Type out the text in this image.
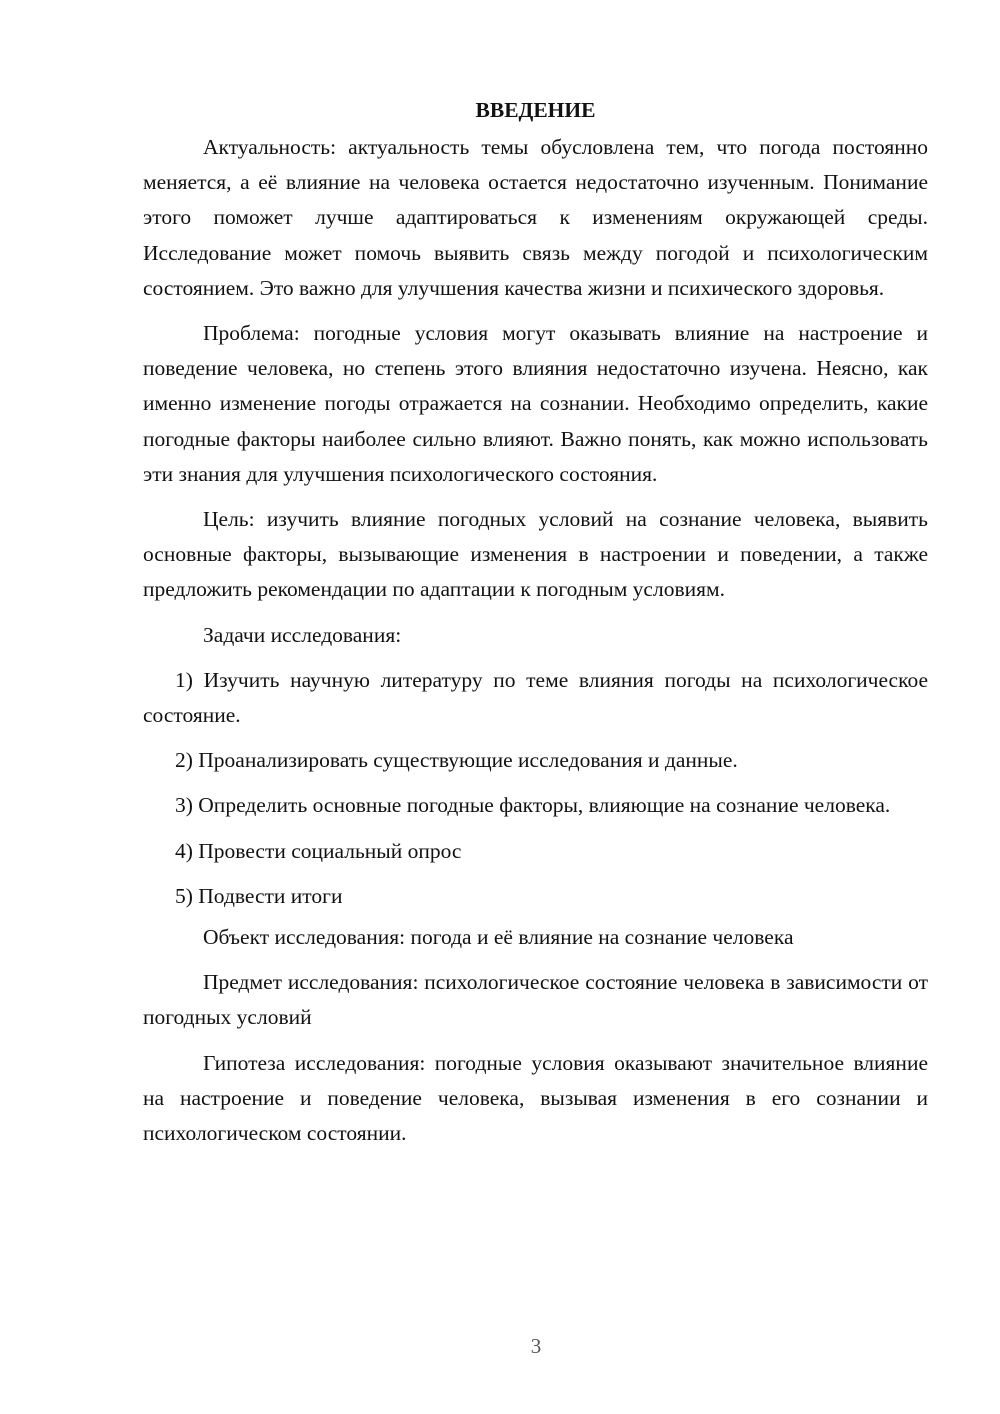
ВВЕДЕНИЕ

Актуальность: актуальность темы обусловлена тем, что погода постоянно меняется, а её влияние на человека остается недостаточно изученным. Понимание этого поможет лучше адаптироваться к изменениям окружающей среды. Исследование может помочь выявить связь между погодой и психологическим состоянием. Это важно для улучшения качества жизни и психического здоровья.

Проблема: погодные условия могут оказывать влияние на настроение и поведение человека, но степень этого влияния недостаточно изучена. Неясно, как именно изменение погоды отражается на сознании. Необходимо определить, какие погодные факторы наиболее сильно влияют. Важно понять, как можно использовать эти знания для улучшения психологического состояния.

Цель: изучить влияние погодных условий на сознание человека, выявить основные факторы, вызывающие изменения в настроении и поведении, а также предложить рекомендации по адаптации к погодным условиям.

Задачи исследования:

1) Изучить научную литературу по теме влияния погоды на психологическое состояние.

2) Проанализировать существующие исследования и данные.

3) Определить основные погодные факторы, влияющие на сознание человека.

4) Провести социальный опрос

5) Подвести итоги

Объект исследования: погода и её влияние на сознание человека

Предмет исследования: психологическое состояние человека в зависимости от погодных условий

Гипотеза исследования: погодные условия оказывают значительное влияние на настроение и поведение человека, вызывая изменения в его сознании и психологическом состоянии.

3
